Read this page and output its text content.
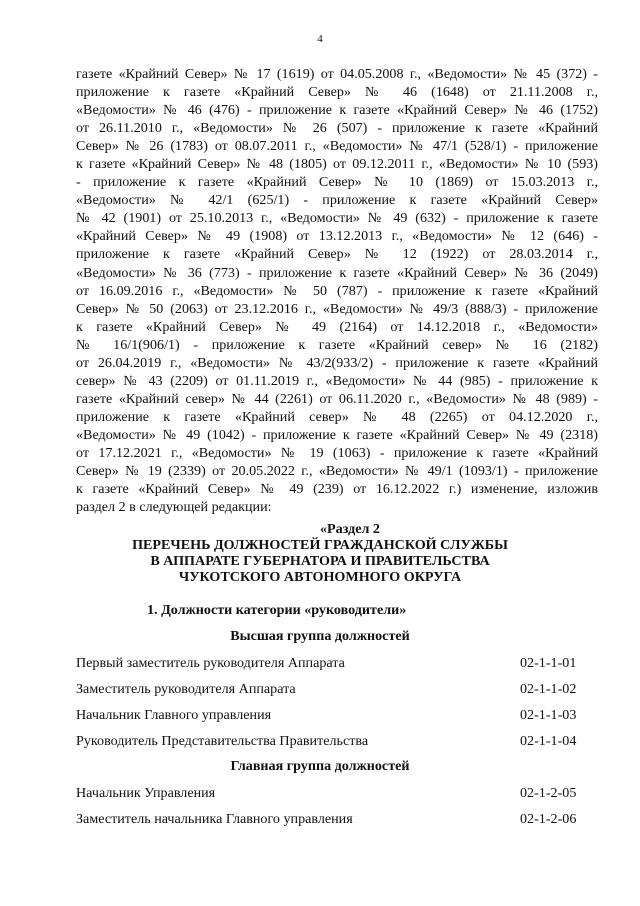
4
газете «Крайний Север» № 17 (1619) от 04.05.2008 г., «Ведомости» № 45 (372) -
приложение к газете «Крайний Север» № 46 (1648) от 21.11.2008 г.,
«Ведомости» № 46 (476) - приложение к газете «Крайний Север» № 46 (1752)
от 26.11.2010 г., «Ведомости» № 26 (507) - приложение к газете «Крайний
Север» № 26 (1783) от 08.07.2011 г., «Ведомости» № 47/1 (528/1) - приложение
к газете «Крайний Север» № 48 (1805) от 09.12.2011 г., «Ведомости» № 10 (593)
- приложение к газете «Крайний Север» № 10 (1869) от 15.03.2013 г.,
«Ведомости» № 42/1 (625/1) - приложение к газете «Крайний Север»
№ 42 (1901) от 25.10.2013 г., «Ведомости» № 49 (632) - приложение к газете
«Крайний Север» № 49 (1908) от 13.12.2013 г., «Ведомости» № 12 (646) -
приложение к газете «Крайний Север» № 12 (1922) от 28.03.2014 г.,
«Ведомости» № 36 (773) - приложение к газете «Крайний Север» № 36 (2049)
от 16.09.2016 г., «Ведомости» № 50 (787) - приложение к газете «Крайний
Север» № 50 (2063) от 23.12.2016 г., «Ведомости» № 49/3 (888/3) - приложение
к газете «Крайний Север» № 49 (2164) от 14.12.2018 г., «Ведомости»
№ 16/1(906/1) - приложение к газете «Крайний север» № 16 (2182)
от 26.04.2019 г., «Ведомости» № 43/2(933/2) - приложение к газете «Крайний
север» № 43 (2209) от 01.11.2019 г., «Ведомости» № 44 (985) - приложение к
газете «Крайний север» № 44 (2261) от 06.11.2020 г., «Ведомости» № 48 (989) -
приложение к газете «Крайний север» № 48 (2265) от 04.12.2020 г.,
«Ведомости» № 49 (1042) - приложение к газете «Крайний Север» № 49 (2318)
от 17.12.2021 г., «Ведомости» № 19 (1063) - приложение к газете «Крайний
Север» № 19 (2339) от 20.05.2022 г., «Ведомости» № 49/1 (1093/1) - приложение
к газете «Крайний Север» № 49 (239) от 16.12.2022 г.) изменение, изложив
раздел 2 в следующей редакции:
«Раздел 2
ПЕРЕЧЕНЬ ДОЛЖНОСТЕЙ ГРАЖДАНСКОЙ СЛУЖБЫ
В АППАРАТЕ ГУБЕРНАТОРА И ПРАВИТЕЛЬСТВА
ЧУКОТСКОГО АВТОНОМНОГО ОКРУГА
1. Должности категории «руководители»
Высшая группа должностей
Первый заместитель руководителя Аппарата	02-1-1-01
Заместитель руководителя Аппарата	02-1-1-02
Начальник Главного управления	02-1-1-03
Руководитель Представительства Правительства	02-1-1-04
Главная группа должностей
Начальник Управления	02-1-2-05
Заместитель начальника Главного управления	02-1-2-06
